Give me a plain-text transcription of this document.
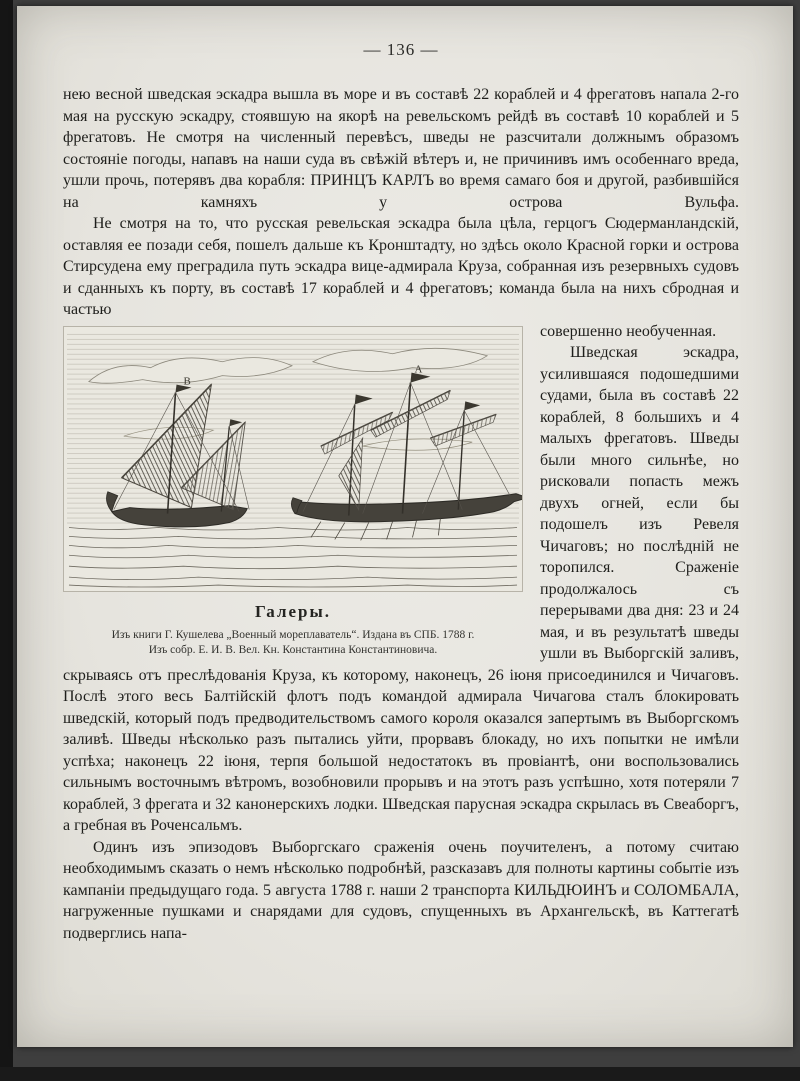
— 136 —

нею весной шведская эскадра вышла въ море и въ составѣ 22 кораблей и 4 фрегатовъ напала 2-го мая на русскую эскадру, стоявшую на якорѣ на ревельскомъ рейдѣ въ составѣ 10 кораблей и 5 фрегатовъ. Не смотря на численный перевѣсъ, шведы не разсчитали должнымъ образомъ состояніе погоды, напавъ на наши суда въ свѣжій вѣтеръ и, не причинивъ имъ особеннаго вреда, ушли прочь, потерявъ два корабля: ПРИНЦЪ КАРЛЪ во время самаго боя и другой, разбившійся на камняхъ у острова Вульфа.

Не смотря на то, что русская ревельская эскадра была цѣла, герцогъ Сюдерманландскій, оставляя ее позади себя, пошелъ дальше къ Кронштадту, но здѣсь около Красной горки и острова Стирсудена ему преградила путь эскадра вице-адмирала Круза, собранная изъ резервныхъ судовъ и сданныхъ къ порту, въ составѣ 17 кораблей и 4 фрегатовъ; команда была на нихъ сбродная и частью

В
А
Галеры.
Изъ книги Г. Кушелева „Военный мореплаватель“. Издана въ СПБ. 1788 г.
Изъ собр. Е. И. В. Вел. Кн. Константина Константиновича.

совершенно необученная.

Шведская эскадра, усилившаяся подошедшими судами, была въ составѣ 22 кораблей, 8 большихъ и 4 малыхъ фрегатовъ. Шведы были много сильнѣе, но рисковали попасть межъ двухъ огней, если бы подошелъ изъ Ревеля Чичаговъ; но послѣдній не торопился. Сраженіе продолжалось съ перерывами два дня: 23 и 24 мая, и въ результатѣ шведы ушли въ Выборгскій заливъ, скрываясь отъ преслѣдованія Круза, къ которому, наконецъ, 26 іюня присоединился и Чичаговъ. Послѣ этого весь Балтійскій флотъ подъ командой адмирала Чичагова сталъ блокировать шведскій, который подъ предводительствомъ самого короля оказался запертымъ въ Выборгскомъ заливѣ. Шведы нѣсколько разъ пытались уйти, прорвавъ блокаду, но ихъ попытки не имѣли успѣха; наконецъ 22 іюня, терпя большой недостатокъ въ провіантѣ, они воспользовались сильнымъ восточнымъ вѣтромъ, возобновили прорывъ и на этотъ разъ успѣшно, хотя потеряли 7 кораблей, 3 фрегата и 32 канонерскихъ лодки. Шведская парусная эскадра скрылась въ Свеаборгъ, а гребная въ Роченсальмъ.

Одинъ изъ эпизодовъ Выборгскаго сраженія очень поучителенъ, а потому считаю необходимымъ сказать о немъ нѣсколько подробнѣй, разсказавъ для полноты картины событіе изъ кампаніи предыдущаго года. 5 августа 1788 г. наши 2 транспорта КИЛЬДЮИНЪ и СОЛОМБАЛА, нагруженные пушками и снарядами для судовъ, спущенныхъ въ Архангельскѣ, въ Каттегатѣ подверглись напа-
